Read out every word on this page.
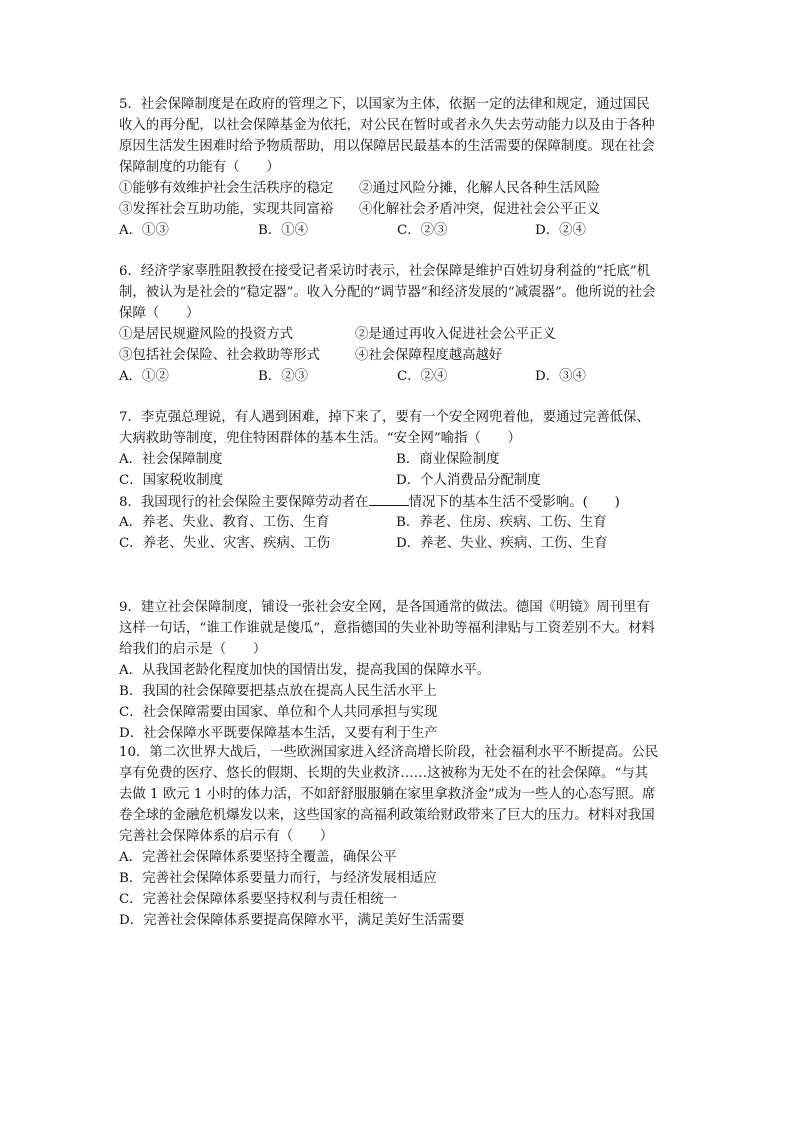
5．社会保障制度是在政府的管理之下，以国家为主体，依据一定的法律和规定，通过国民
收入的再分配，以社会保障基金为依托，对公民在暂时或者永久失去劳动能力以及由于各种
原因生活发生困难时给予物质帮助，用以保障居民最基本的生活需要的保障制度。现在社会
保障制度的功能有（　　）
①能够有效维护社会生活秩序的稳定 ②通过风险分摊，化解人民各种生活风险
③发挥社会互助功能，实现共同富裕 ④化解社会矛盾冲突，促进社会公平正义
A．①③	B．①④	C．②③	D．②④
6．经济学家辜胜阻教授在接受记者采访时表示，社会保障是维护百姓切身利益的“托底”机
制，被认为是社会的“稳定器”。收入分配的“调节器”和经济发展的“减震器”。他所说的社会
保障（　　）
①是居民规避风险的投资方式	②是通过再收入促进社会公平正义
③包括社会保险、社会救助等形式	④社会保障程度越高越好
A．①②	B．②③	C．②④	D．③④
7．李克强总理说，有人遇到困难，掉下来了，要有一个安全网兜着他，要通过完善低保、
大病救助等制度，兜住特困群体的基本生活。“安全网”喻指（　　）
A．社会保障制度	B．商业保险制度
C．国家税收制度	D．个人消费品分配制度
8．我国现行的社会保险主要保障劳动者在	情况下的基本生活不受影响。(　　)
A．养老、失业、教育、工伤、生育	B．养老、住房、疾病、工伤、生育
C．养老、失业、灾害、疾病、工伤	D．养老、失业、疾病、工伤、生育
9．建立社会保障制度，铺设一张社会安全网，是各国通常的做法。德国《明镜》周刊里有
这样一句话，“谁工作谁就是傻瓜”，意指德国的失业补助等福利津贴与工资差别不大。材料
给我们的启示是（　　）
A．从我国老龄化程度加快的国情出发，提高我国的保障水平。
B．我国的社会保障要把基点放在提高人民生活水平上
C．社会保障需要由国家、单位和个人共同承担与实现
D．社会保障水平既要保障基本生活，又要有利于生产
10．第二次世界大战后，一些欧洲国家进入经济高增长阶段，社会福利水平不断提高。公民
享有免费的医疗、悠长的假期、长期的失业救济……这被称为无处不在的社会保障。“与其
去做 1 欧元 1 小时的体力活，不如舒舒服服躺在家里拿救济金”成为一些人的心态写照。席
卷全球的金融危机爆发以来，这些国家的高福利政策给财政带来了巨大的压力。材料对我国
完善社会保障体系的启示有（　　）
A．完善社会保障体系要坚持全覆盖，确保公平
B．完善社会保障体系要量力而行，与经济发展相适应
C．完善社会保障体系要坚持权利与责任相统一
D．完善社会保障体系要提高保障水平，满足美好生活需要
